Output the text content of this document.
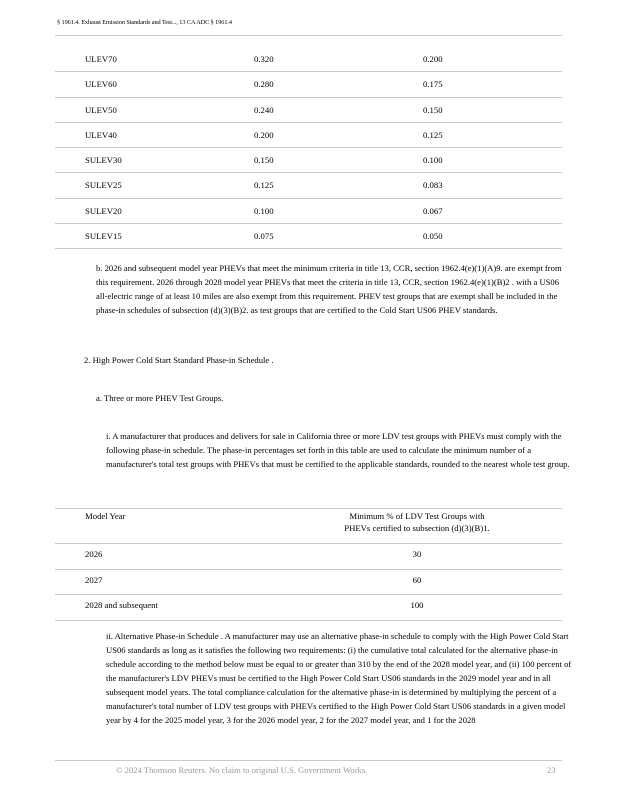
§ 1961.4. Exhaust Emission Standards and Test..., 13 CA ADC § 1961.4
ULEV70	0.320	0.200
ULEV60	0.280	0.175
ULEV50	0.240	0.150
ULEV40	0.200	0.125
SULEV30	0.150	0.100
SULEV25	0.125	0.083
SULEV20	0.100	0.067
SULEV15	0.075	0.050

b. 2026 and subsequent model year PHEVs that meet the minimum criteria in title 13, CCR, section 1962.4(e)(1)(A)9. are exempt from this requirement. 2026 through 2028 model year PHEVs that meet the criteria in title 13, CCR, section 1962.4(e)(1)(B)2 . with a US06 all-electric range of at least 10 miles are also exempt from this requirement. PHEV test groups that are exempt shall be included in the phase-in schedules of subsection (d)(3)(B)2. as test groups that are certified to the Cold Start US06 PHEV standards.

2. High Power Cold Start Standard Phase-in Schedule .

a. Three or more PHEV Test Groups.

i. A manufacturer that produces and delivers for sale in California three or more LDV test groups with PHEVs must comply with the following phase-in schedule. The phase-in percentages set forth in this table are used to calculate the minimum number of a manufacturer's total test groups with PHEVs that must be certified to the applicable standards, rounded to the nearest whole test group.

Model Year	Minimum % of LDV Test Groups with
PHEVs certified to subsection (d)(3)(B)1.
2026	30
2027	60
2028 and subsequent	100

ii. Alternative Phase-in Schedule . A manufacturer may use an alternative phase-in schedule to comply with the High Power Cold Start US06 standards as long as it satisfies the following two requirements: (i) the cumulative total calculated for the alternative phase-in schedule according to the method below must be equal to or greater than 310 by the end of the 2028 model year, and (ii) 100 percent of the manufacturer's LDV PHEVs must be certified to the High Power Cold Start US06 standards in the 2029 model year and in all subsequent model years. The total compliance calculation for the alternative phase-in is determined by multiplying the percent of a manufacturer's total number of LDV test groups with PHEVs certified to the High Power Cold Start US06 standards in a given model year by 4 for the 2025 model year, 3 for the 2026 model year, 2 for the 2027 model year, and 1 for the 2028

© 2024 Thomson Reuters. No claim to original U.S. Government Works.	23
